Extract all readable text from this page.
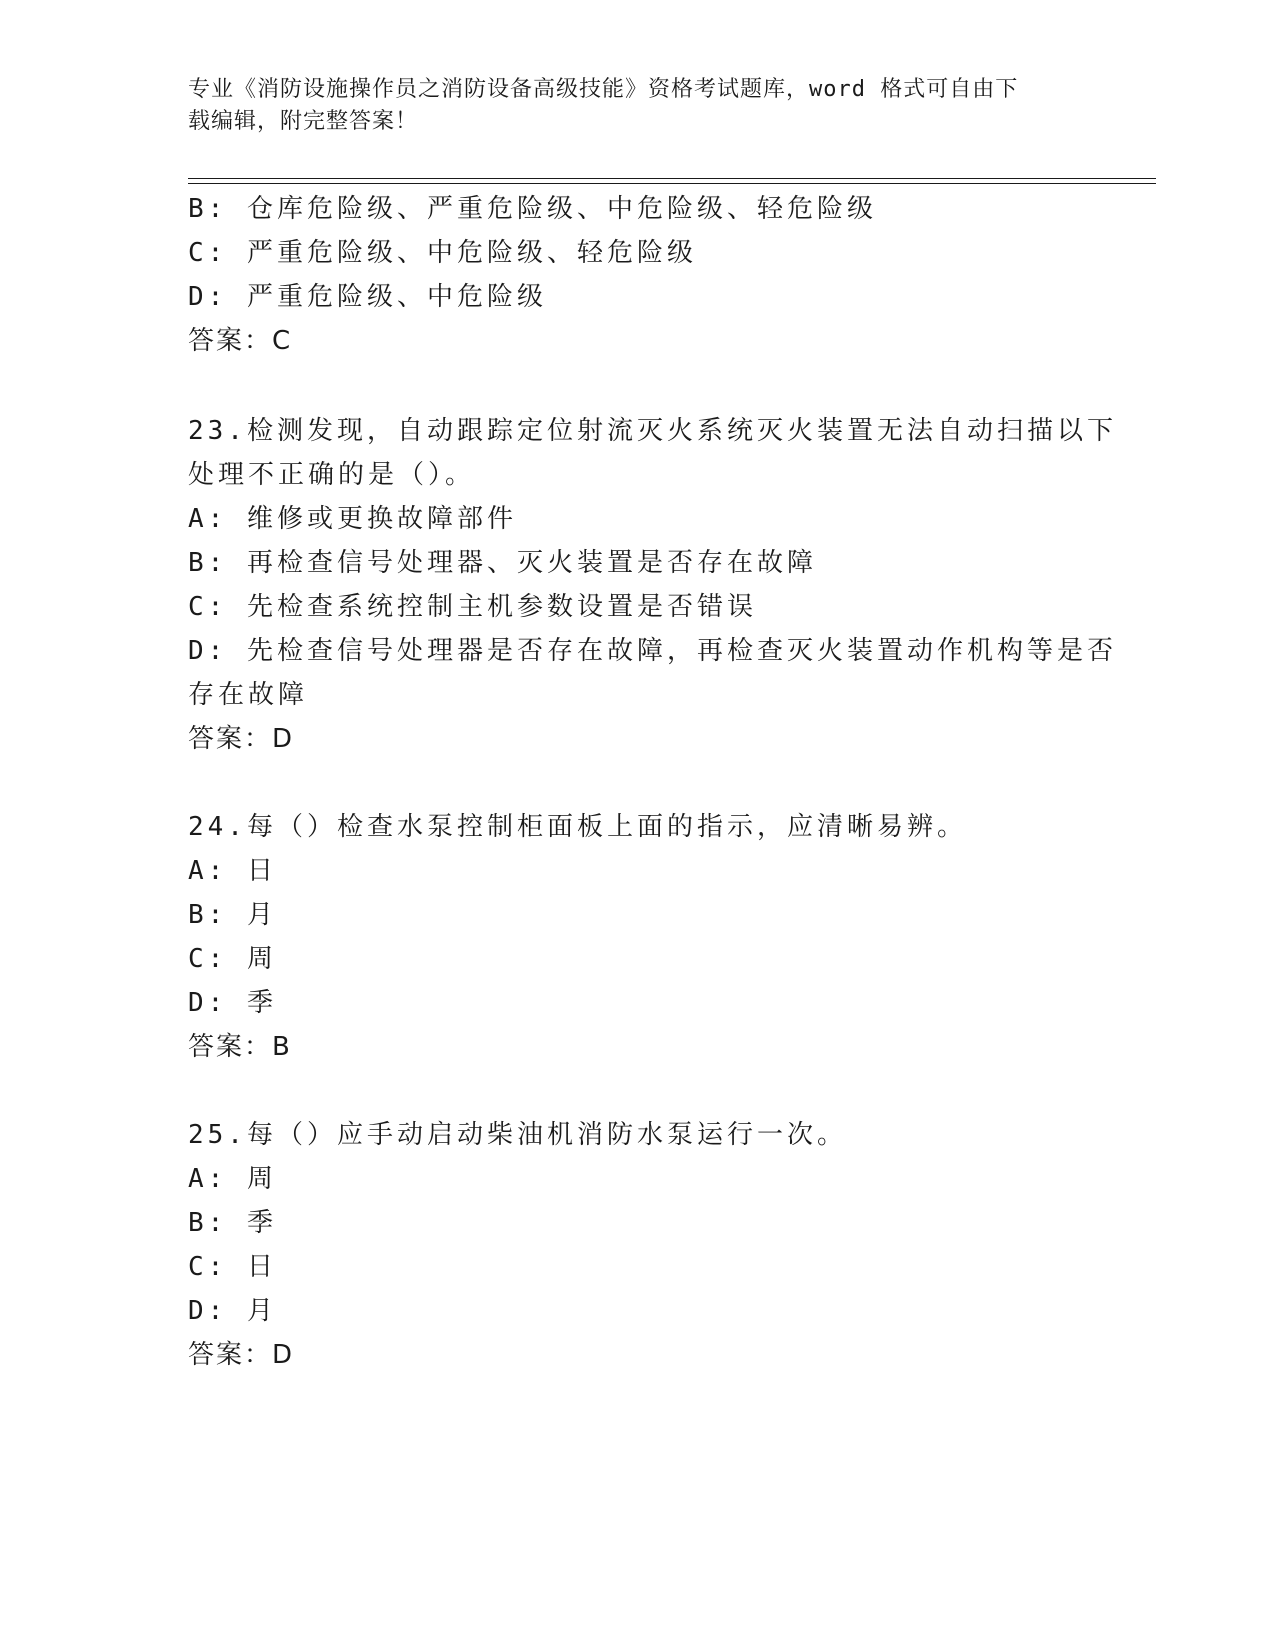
专业《消防设施操作员之消防设备高级技能》资格考试题库，word 格式可自由下
载编辑，附完整答案！
B: 仓库危险级、严重危险级、中危险级、轻危险级
C: 严重危险级、中危险级、轻危险级
D: 严重危险级、中危险级
答案：C
23.检测发现，自动跟踪定位射流灭火系统灭火装置无法自动扫描以下
处理不正确的是（）。
A: 维修或更换故障部件
B: 再检查信号处理器、灭火装置是否存在故障
C: 先检查系统控制主机参数设置是否错误
D: 先检查信号处理器是否存在故障，再检查灭火装置动作机构等是否
存在故障
答案：D
24.每（）检查水泵控制柜面板上面的指示，应清晰易辨。
A: 日
B: 月
C: 周
D: 季
答案：B
25.每（）应手动启动柴油机消防水泵运行一次。
A: 周
B: 季
C: 日
D: 月
答案：D
